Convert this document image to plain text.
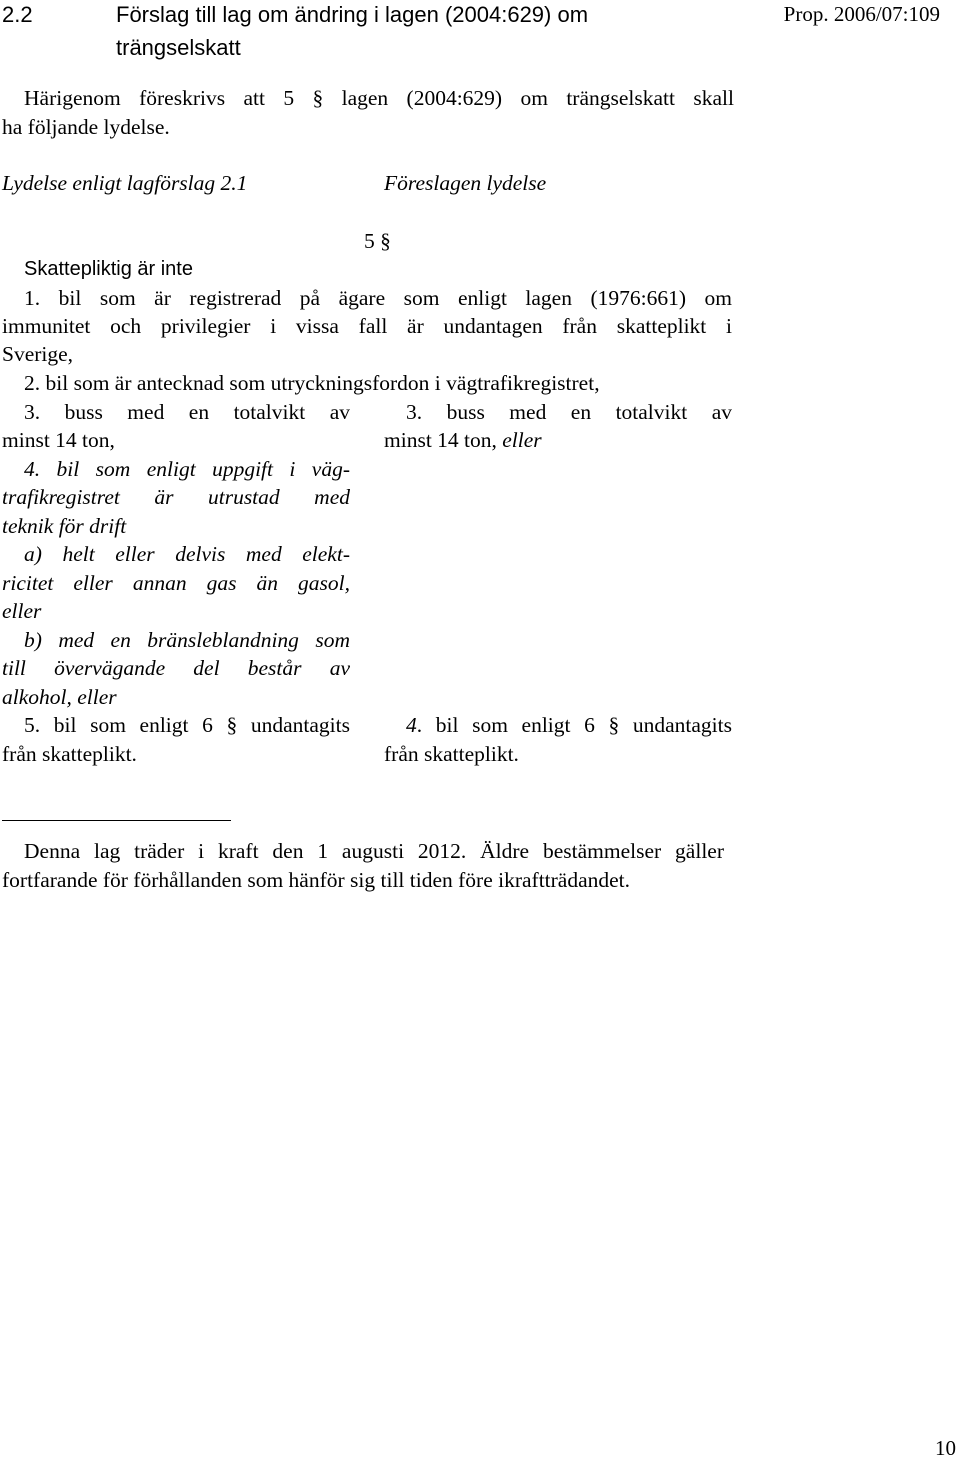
2.2	Förslag till lag om ändring i lagen (2004:629) om
trängselskatt
Prop. 2006/07:109
Härigenom föreskrivs att 5 § lagen (2004:629) om trängselskatt skall
ha följande lydelse.
Lydelse enligt lagförslag 2.1	Föreslagen lydelse
5 §
Skattepliktig är inte
1. bil som är registrerad på ägare som enligt lagen (1976:661) om
immunitet och privilegier i vissa fall är undantagen från skatteplikt i
Sverige,
2. bil som är antecknad som utryckningsfordon i vägtrafikregistret,
3. buss med en totalvikt av
minst 14 ton,
4. bil som enligt uppgift i väg-
trafikregistret är utrustad med
teknik för drift
a) helt eller delvis med elekt-
ricitet eller annan gas än gasol,
eller
b) med en bränsleblandning som
till övervägande del består av
alkohol, eller
5. bil som enligt 6 § undantagits
från skatteplikt.
3. buss med en totalvikt av
minst 14 ton, eller
4. bil som enligt 6 § undantagits
från skatteplikt.
Denna lag träder i kraft den 1 augusti 2012. Äldre bestämmelser gäller
fortfarande för förhållanden som hänför sig till tiden före ikraftträdandet.
10
